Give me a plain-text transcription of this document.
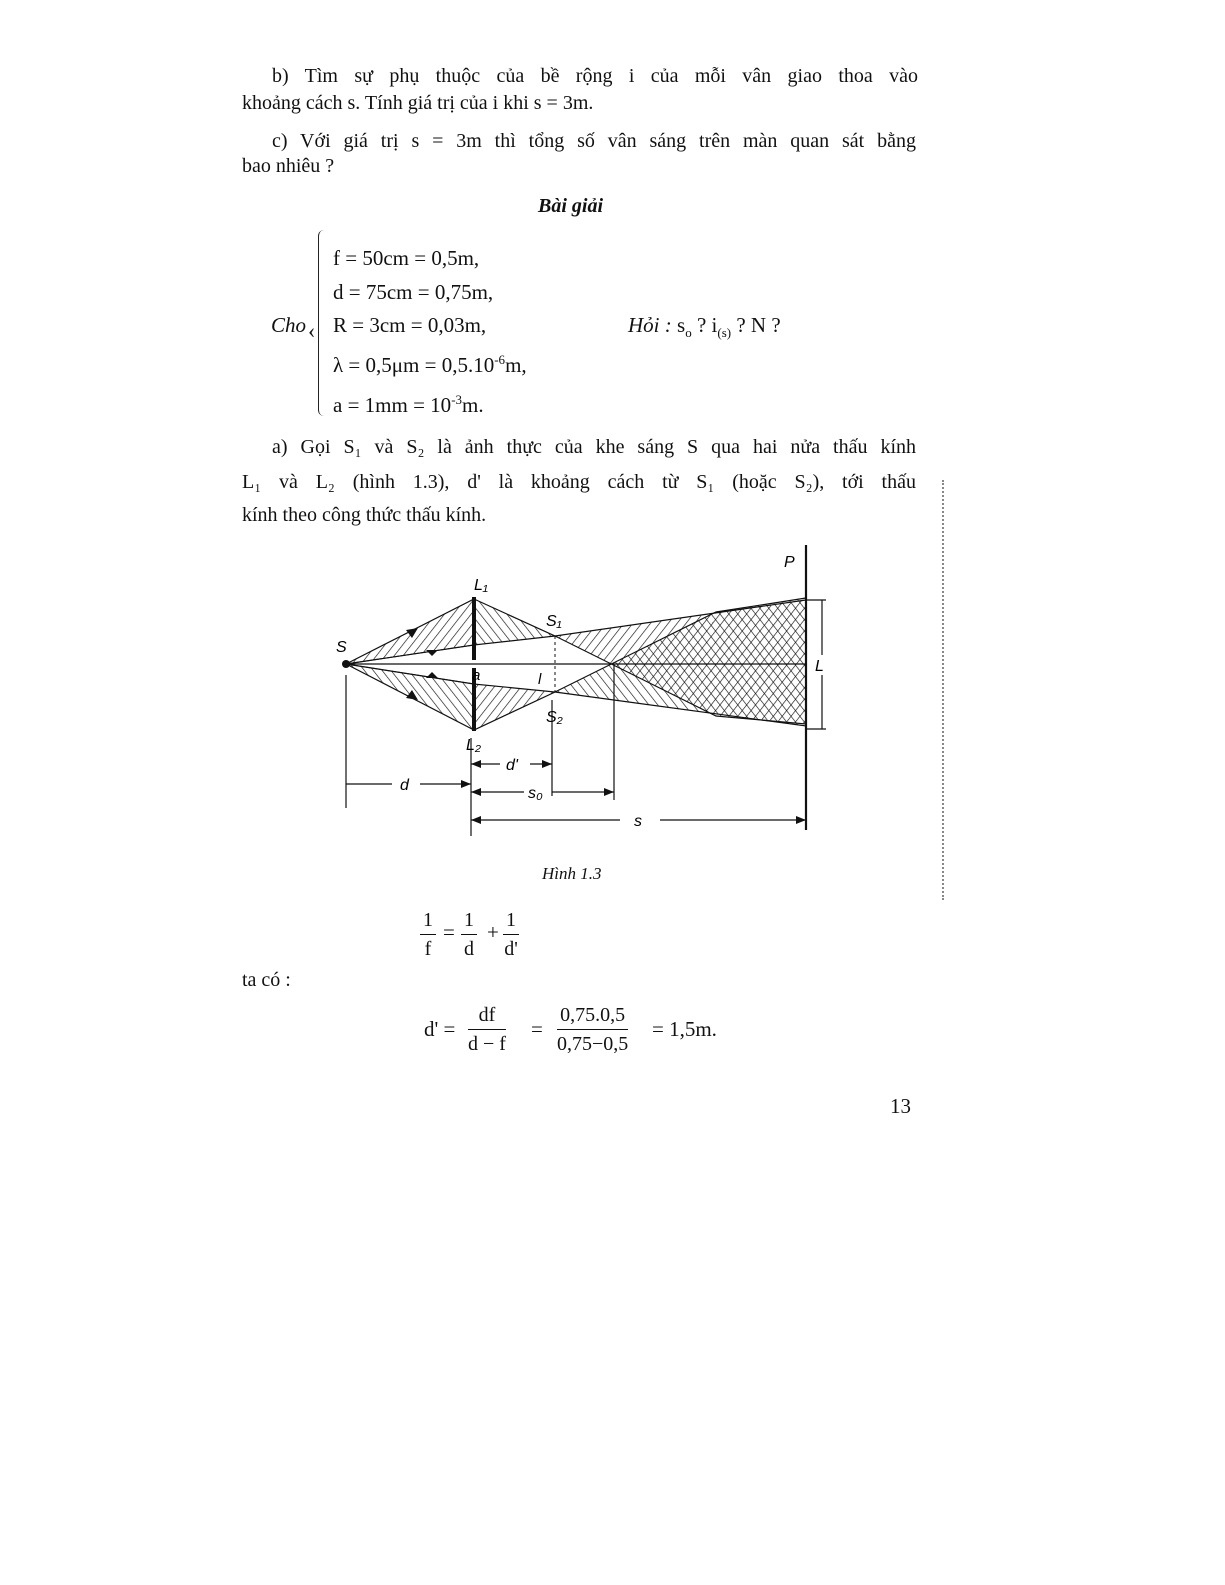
b) Tìm sự phụ thuộc của bề rộng i của mỗi vân giao thoa vào
khoảng cách s. Tính giá trị của i khi s = 3m.
c) Với giá trị s = 3m thì tổng số vân sáng trên màn quan sát bằng
bao nhiêu ?
Bài giải
Cho ‹
f = 50cm = 0,5m,
d = 75cm = 0,75m,
R = 3cm = 0,03m,
$\lambda = 0,5\mu m = 0,5.10^{-6}m$,
$a = 1mm = 10^{-3}m$.
Hỏi : $s_o$ ? $i_{(s)}$ ? N ?
a) Gọi S₁ và S₂ là ảnh thực của khe sáng S qua hai nửa thấu kính
L₁ và L₂ (hình 1.3), d' là khoảng cách từ S₁ (hoặc S₂), tới thấu
kính theo công thức thấu kính.
S
L₁
L₂
S₁
S₂
a	l
P
L
d
d'
s₀
s
Hình 1.3
$\frac{1}{f} = \frac{1}{d} + \frac{1}{d'}$
ta có :
$d' = \frac{df}{d - f} = \frac{0,75.0,5}{0,75-0,5} = 1,5m$.
13
